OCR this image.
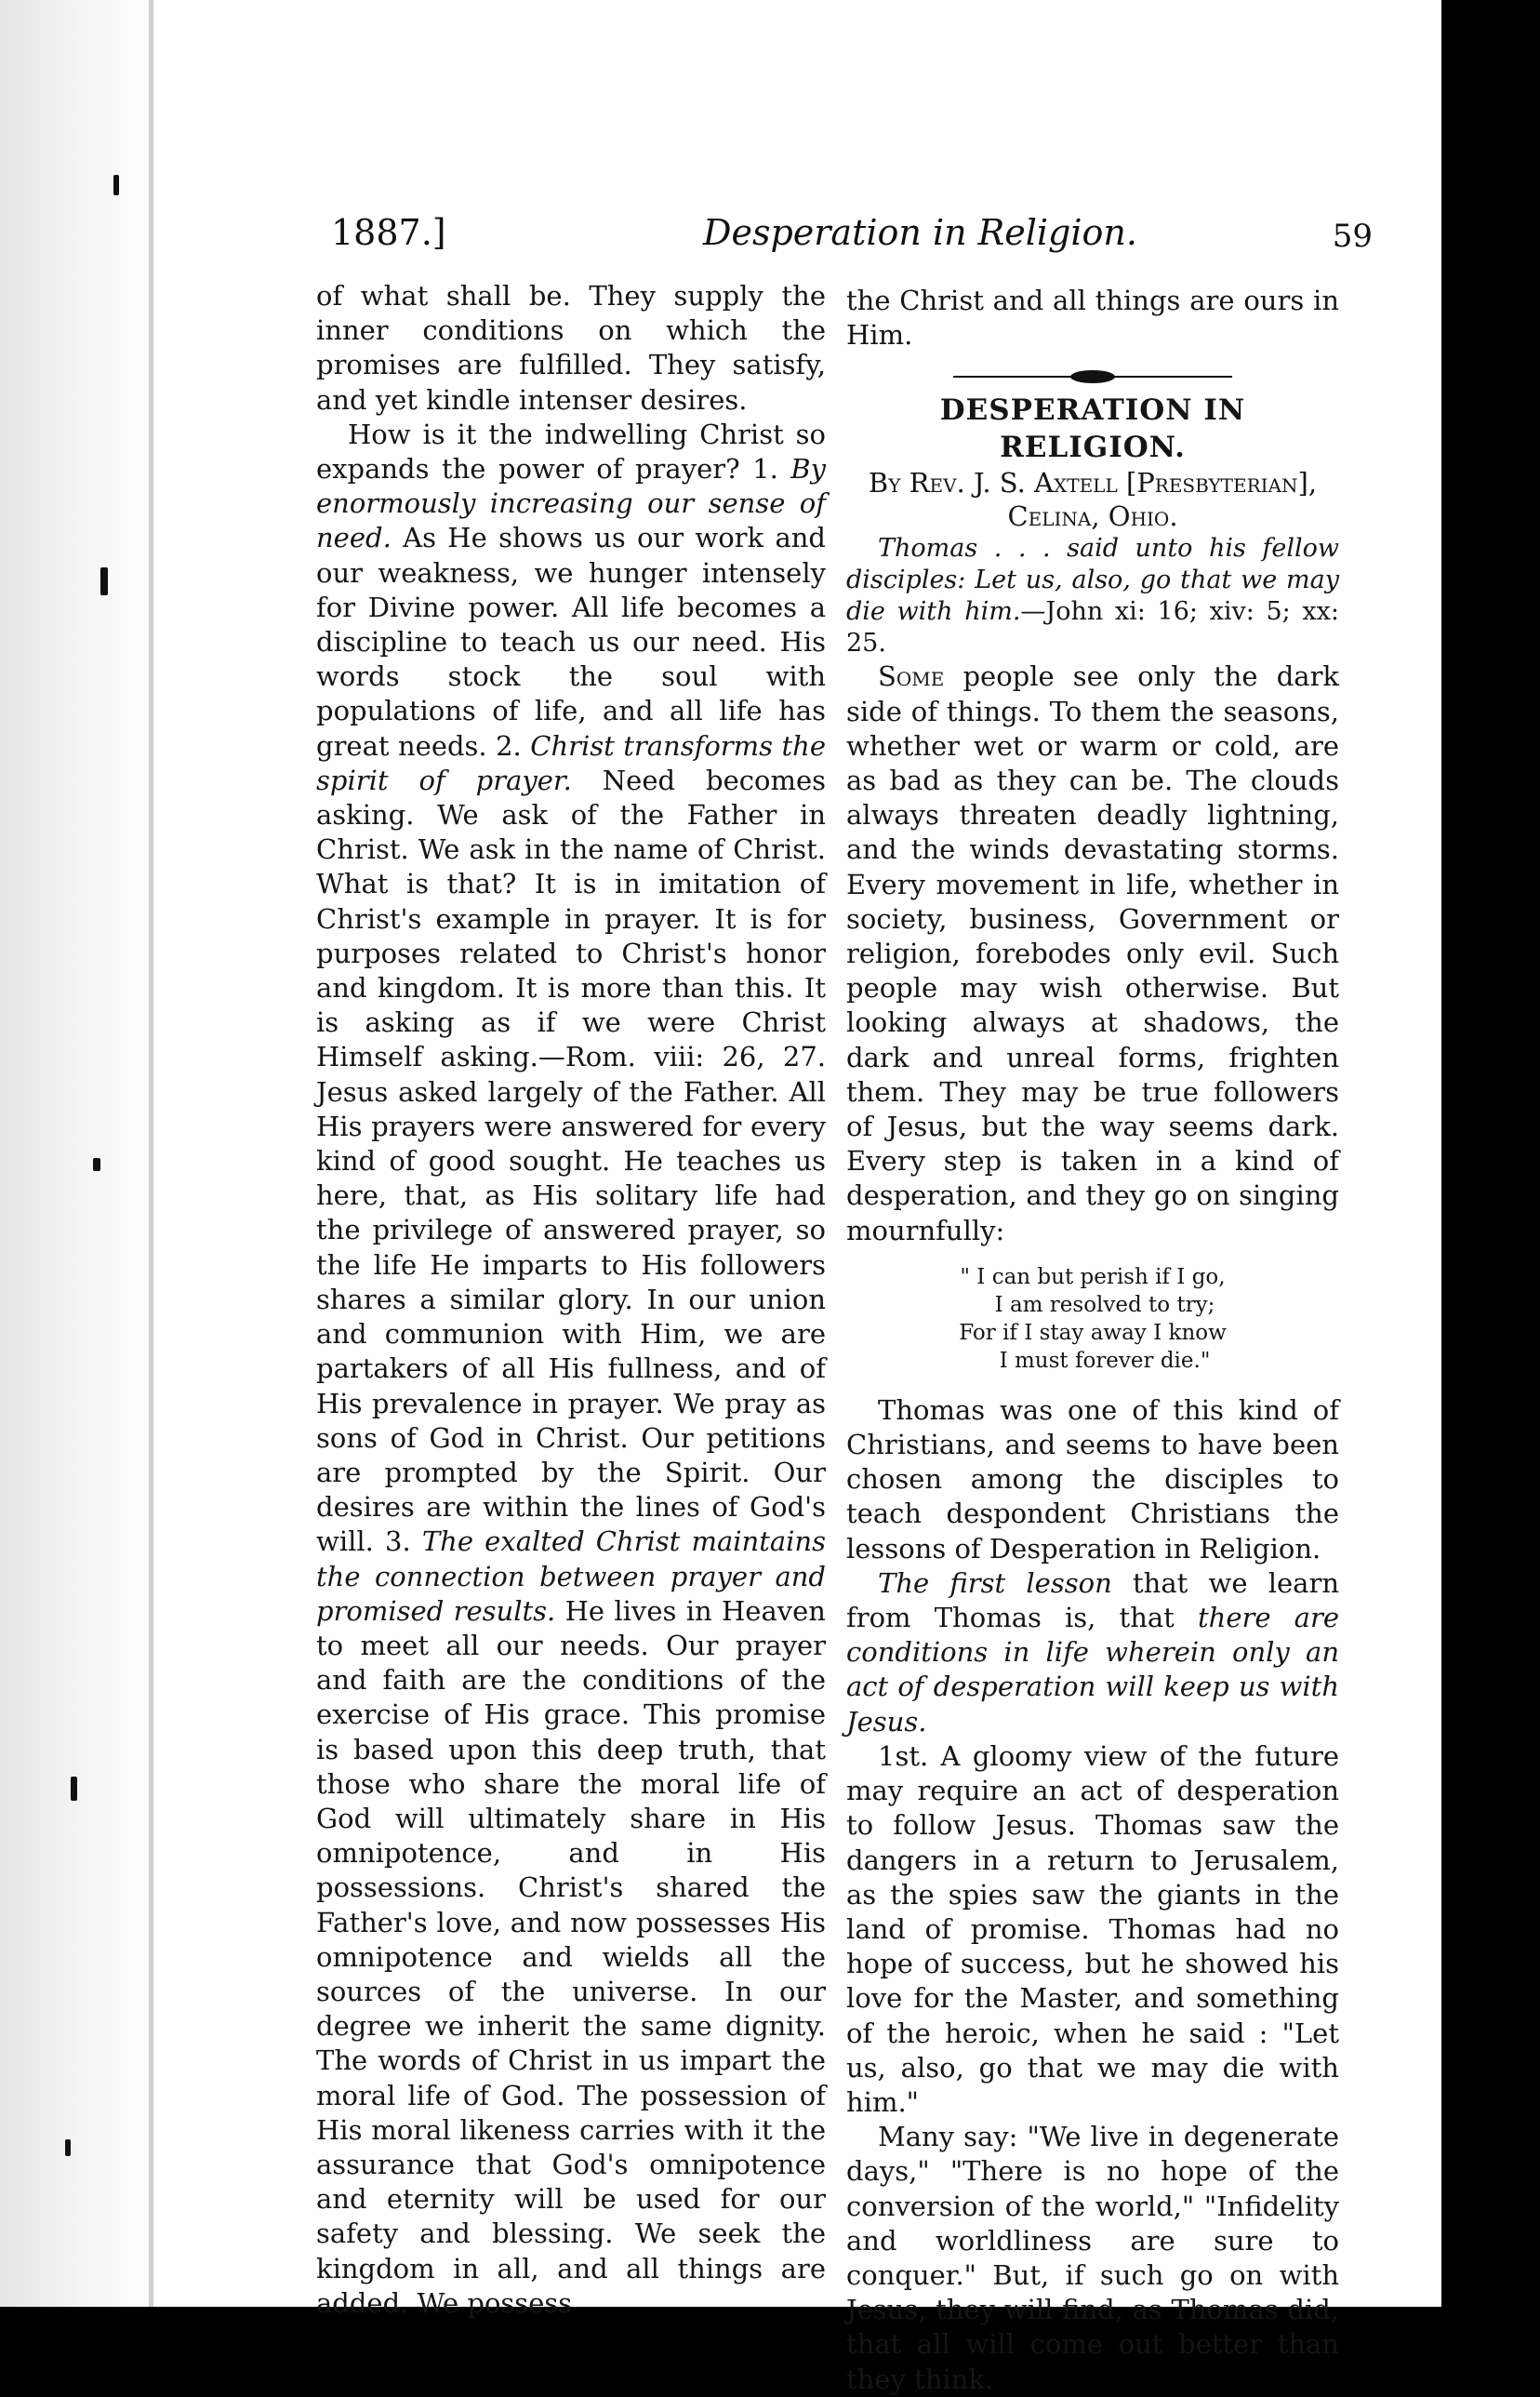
1887.]	Desperation in Religion.	59

of what shall be. They supply the inner conditions on which the promises are fulfilled. They satisfy, and yet kindle intenser desires.

How is it the indwelling Christ so expands the power of prayer? 1. By enormously increasing our sense of need. As He shows us our work and our weakness, we hunger intensely for Divine power. All life becomes a discipline to teach us our need. His words stock the soul with populations of life, and all life has great needs. 2. Christ transforms the spirit of prayer. Need becomes asking. We ask of the Father in Christ. We ask in the name of Christ. What is that? It is in imitation of Christ's example in prayer. It is for purposes related to Christ's honor and kingdom. It is more than this. It is asking as if we were Christ Himself asking.—Rom. viii: 26, 27. Jesus asked largely of the Father. All His prayers were answered for every kind of good sought. He teaches us here, that, as His solitary life had the privilege of answered prayer, so the life He imparts to His followers shares a similar glory. In our union and communion with Him, we are partakers of all His fullness, and of His prevalence in prayer. We pray as sons of God in Christ. Our petitions are prompted by the Spirit. Our desires are within the lines of God's will. 3. The exalted Christ maintains the connection between prayer and promised results. He lives in Heaven to meet all our needs. Our prayer and faith are the conditions of the exercise of His grace. This promise is based upon this deep truth, that those who share the moral life of God will ultimately share in His omnipotence, and in His possessions. Christ's shared the Father's love, and now possesses His omnipotence and wields all the sources of the universe. In our degree we inherit the same dignity. The words of Christ in us impart the moral life of God. The possession of His moral likeness carries with it the assurance that God's omnipotence and eternity will be used for our safety and blessing. We seek the kingdom in all, and all things are added. We possess

the Christ and all things are ours in Him.

DESPERATION IN RELIGION.

By Rev. J. S. Axtell [Presbyterian],

Celina, Ohio.

Thomas . . . said unto his fellow disciples: Let us, also, go that we may die with him.—John xi: 16; xiv: 5; xx: 25.

Some people see only the dark side of things. To them the seasons, whether wet or warm or cold, are as bad as they can be. The clouds always threaten deadly lightning, and the winds devastating storms. Every movement in life, whether in society, business, Government or religion, forebodes only evil. Such people may wish otherwise. But looking always at shadows, the dark and unreal forms, frighten them. They may be true followers of Jesus, but the way seems dark. Every step is taken in a kind of desperation, and they go on singing mournfully:

" I can but perish if I go,
I am resolved to try;
For if I stay away I know
I must forever die."

Thomas was one of this kind of Christians, and seems to have been chosen among the disciples to teach despondent Christians the lessons of Desperation in Religion.

The first lesson that we learn from Thomas is, that there are conditions in life wherein only an act of desperation will keep us with Jesus.

1st. A gloomy view of the future may require an act of desperation to follow Jesus. Thomas saw the dangers in a return to Jerusalem, as the spies saw the giants in the land of promise. Thomas had no hope of success, but he showed his love for the Master, and something of the heroic, when he said : "Let us, also, go that we may die with him."

Many say: "We live in degenerate days," "There is no hope of the conversion of the world," "Infidelity and worldliness are sure to conquer." But, if such go on with Jesus, they will find, as Thomas did, that all will come out better than they think.
